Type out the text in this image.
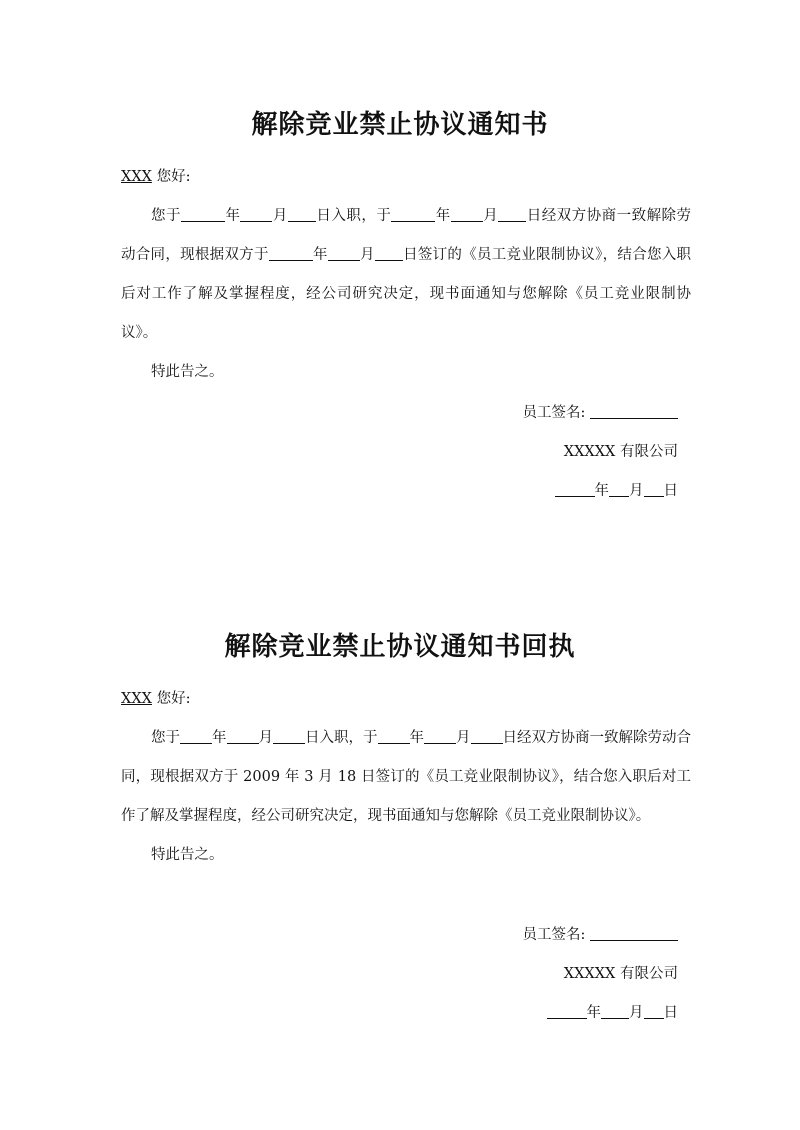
解除竞业禁止协议通知书

XXX 您好:

您于	年 月 日入职，于	年 月 日经双方协商一致解除劳动合同，现根据双方于	年 月 日签订的《员工竞业限制协议》，结合您入职后对工作了解及掌握程度，经公司研究决定，现书面通知与您解除《员工竞业限制协议》。

特此告之。

员工签名:

XXXXX 有限公司

年 月 日

解除竞业禁止协议通知书回执

XXX 您好:

您于 年 月 日入职，于 年 月 日经双方协商一致解除劳动合同，现根据双方于 2009 年 3 月 18 日签订的《员工竞业限制协议》，结合您入职后对工作了解及掌握程度，经公司研究决定，现书面通知与您解除《员工竞业限制协议》。

特此告之。

员工签名:

XXXXX 有限公司

年 月 日
